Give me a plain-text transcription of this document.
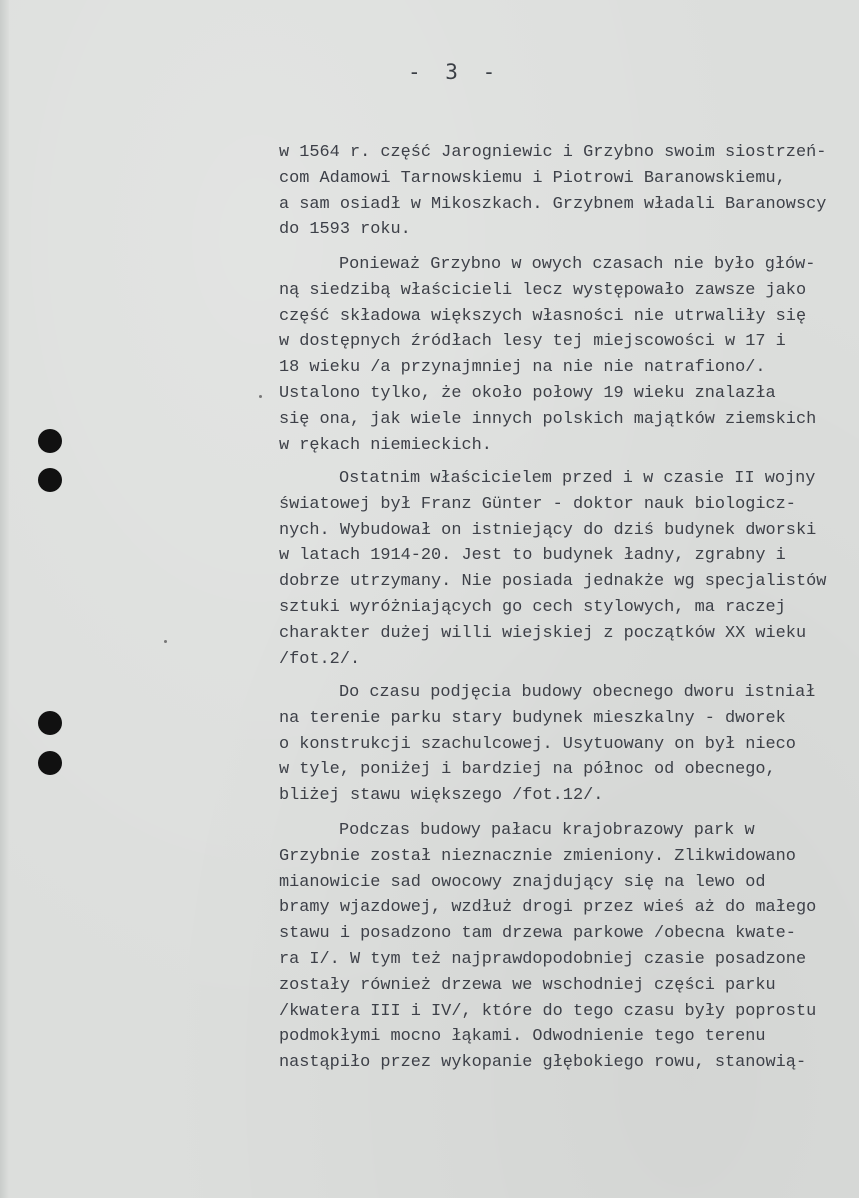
- 3 -
w 1564 r. część Jarogniewic i Grzybno swoim siostrzeń-
com Adamowi Tarnowskiemu i Piotrowi Baranowskiemu,
a sam osiadł w Mikoszkach. Grzybnem władali Baranowscy
do 1593 roku.
Ponieważ Grzybno w owych czasach nie było głów-
ną siedzibą właścicieli lecz występowało zawsze jako
część składowa większych własności nie utrwaliły się
w dostępnych źródłach lesy tej miejscowości w 17 i
18 wieku /a przynajmniej na nie nie natrafiono/.
Ustalono tylko, że około połowy 19 wieku znalazła
się ona, jak wiele innych polskich majątków ziemskich
w rękach niemieckich.
Ostatnim właścicielem przed i w czasie II wojny
światowej był Franz Günter - doktor nauk biologicz-
nych. Wybudował on istniejący do dziś budynek dworski
w latach 1914-20. Jest to budynek ładny, zgrabny i
dobrze utrzymany. Nie posiada jednakże wg specjalistów
sztuki wyróżniających go cech stylowych, ma raczej
charakter dużej willi wiejskiej z początków XX wieku
/fot.2/.
Do czasu podjęcia budowy obecnego dworu istniał
na terenie parku stary budynek mieszkalny - dworek
o konstrukcji szachulcowej. Usytuowany on był nieco
w tyle, poniżej i bardziej na północ od obecnego,
bliżej stawu większego /fot.12/.
Podczas budowy pałacu krajobrazowy park w
Grzybnie został nieznacznie zmieniony. Zlikwidowano
mianowicie sad owocowy znajdujący się na lewo od
bramy wjazdowej, wzdłuż drogi przez wieś aż do małego
stawu i posadzono tam drzewa parkowe /obecna kwate-
ra I/. W tym też najprawdopodobniej czasie posadzone
zostały również drzewa we wschodniej części parku
/kwatera III i IV/, które do tego czasu były poprostu
podmokłymi mocno łąkami. Odwodnienie tego terenu
nastąpiło przez wykopanie głębokiego rowu, stanowią-
